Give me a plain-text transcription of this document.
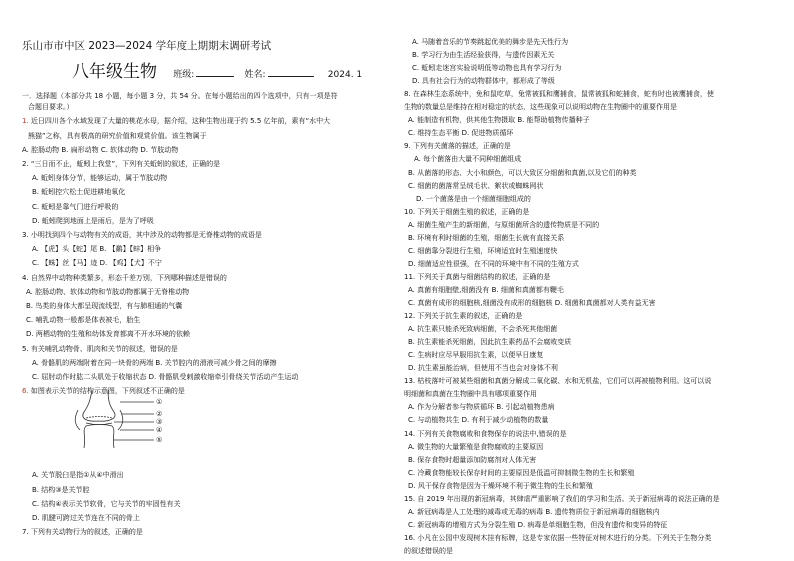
乐山市市中区 2023—2024 学年度上期期末调研考试
八年级生物 班级:	姓名:	2024. 1
一．选择题（本部分共 18 小题，每小题 3 分，共 54 分。在每小题给出的四个选项中，只有一项是符
合题目要求。）
1. 近日四川各个水域发现了大量的桃花水母，据介绍，这种生物出现于约 5.5 亿年前，素有“水中大
熊猫”之称，具有极高的研究价值和观赏价值。该生物属于
A. 腔肠动物 B. 扁形动物 C. 软体动物 D. 节肢动物
2. “三日而不止，蚯蚓上我堂”，下列有关蚯蚓的叙述，正确的是
A. 蚯蚓身体分节，能够运动，属于节肢动物
B. 蚯蚓控穴松土促进耕地氧化
C. 蚯蚓是靠气门进行呼吸的
D. 蚯蚓爬到地面上是雨后，是为了呼吸
3. 小明找到四个与动物有关的成语，其中涉及的动物都是无脊椎动物的成语是
A. 【虎】头【蛇】尾 B. 【鹬】【蚌】相争
C. 【蛛】丝【马】迹 D. 【鸡】【犬】不宁
4. 自然界中动物种类繁多，形态千差万别，下列哪种描述是错误的
A. 腔肠动物、软体动物和节肢动物都属于无脊椎动物
B. 鸟类的身体大都呈现流线型，有与肺相通的气囊
C. 哺乳动物一般都是体表被毛，胎生
D. 两栖动物的生殖和幼体发育都离不开水环境的依赖
5. 有关哺乳动物骨、肌肉和关节的叙述，错误的是
A. 骨骼肌的两端附着在同一块骨的两端 B. 关节腔内的滑液可减少骨之间的摩擦
C. 屈肘动作时肱二头肌处于收缩状态 D. 骨骼肌受刺激收缩牵引骨绕关节活动产生运动
6. 如图表示关节的结构示意图，下列叙述不正确的是
A. 关节脱臼是指①从④中滑出
B. 结构③是关节腔
C. 结构④表示关节软骨，它与关节的牢固性有关
D. 肌腱可跨过关节连在不同的骨上
7. 下列有关动物行为的叙述，正确的是
①
②
③
④
⑤
A. 马随着音乐的节奏跳起优美的舞步是先天性行为
B. 学习行为由生活经验获得，与遗传因素无关
C. 蚯蚓走迷宫实验说明低等动物也具有学习行为
D. 具有社会行为的动物群体中，都形成了等级
8. 在森林生态系统中，免和鼠吃草，兔常被狐和鹰捕食，鼠常被狐和蛇捕食，蛇有时也被鹰捕食，使
生物的数量总是维持在相对稳定的状态，这些现象可以说明动物在生物圈中的重要作用是
A. 能制造有机物，供其他生物摄取 B. 能帮助植物传播种子
C. 维持生态平衡 D. 促进物质循环
9. 下列有关菌落的描述，正确的是
A. 每个菌落由大量不同种细菌组成
B. 从菌落的形态、大小和颜色，可以大致区分细菌和真菌,以及它们的种类
C. 细菌的菌落常呈绒毛状、絮状或蜘蛛网状
D. 一个菌落是由一个细菌细胞组成的
10. 下列关于细菌生殖的叙述，正确的是
A. 细菌生殖产生的新细菌，与原细菌所含的遗传物质是不同的
B. 环境有利时细菌的生殖，细菌生长就有直接关系
C. 细菌靠分裂进行生殖，环境适宜时生殖速度快
D. 细菌适应性很强，在不同的环境中有不同的生殖方式
11. 下列关于真菌与细菌结构的叙述，正确的是
A. 真菌有细胞壁,细菌没有 B. 细菌和真菌都有鞭毛
C. 真菌有成形的细胞核,细菌没有成形的细胞核 D. 细菌和真菌都对人类有益无害
12. 下列关于抗生素的叙述，正确的是
A. 抗生素只能杀死致病细菌，不会杀死其他细菌
B. 抗生素能杀死细菌，因此抗生素药品不会腐败变质
C. 生病时应尽早服用抗生素，以便早日康复
D. 抗生素虽能治病，但使用不当也会对身体不利
13. 枯枝落叶可被某些细菌和真菌分解成二氧化碳、水和无机盐，它们可以再被植物利用。这可以说
明细菌和真菌在生物圈中具有哪项重要作用
A. 作为分解者参与物质循环 B. 引起动植物患病
C. 与动植物共生 D. 有利于减少动植物的数量
14. 下列有关食物腐败和食物保存的说法中,错误的是
A. 微生物的大量繁殖是食物腐败的主要原因
B. 保存食物时超量添加防腐剂对人体无害
C. 冷藏食物能较长保存时间的主要原因是低温可抑制微生物的生长和繁殖
D. 风干保存食物是因为干燥环境不利于微生物的生长和繁殖
15. 自 2019 年出现的新冠病毒，其肆虐严重影响了我们的学习和生活。关于新冠病毒的说法正确的是
A. 新冠病毒是人工处理的减毒或无毒的病毒 B. 遗传物质位于新冠病毒的细胞核内
C. 新冠病毒的增殖方式为分裂生殖 D. 病毒是单细胞生物，但没有遗传和变异的特征
16. 小凡在公园中发现树木挂有标牌，这是专家依据一些特征对树木进行的分类。下列关于生物分类
的叙述错误的是
